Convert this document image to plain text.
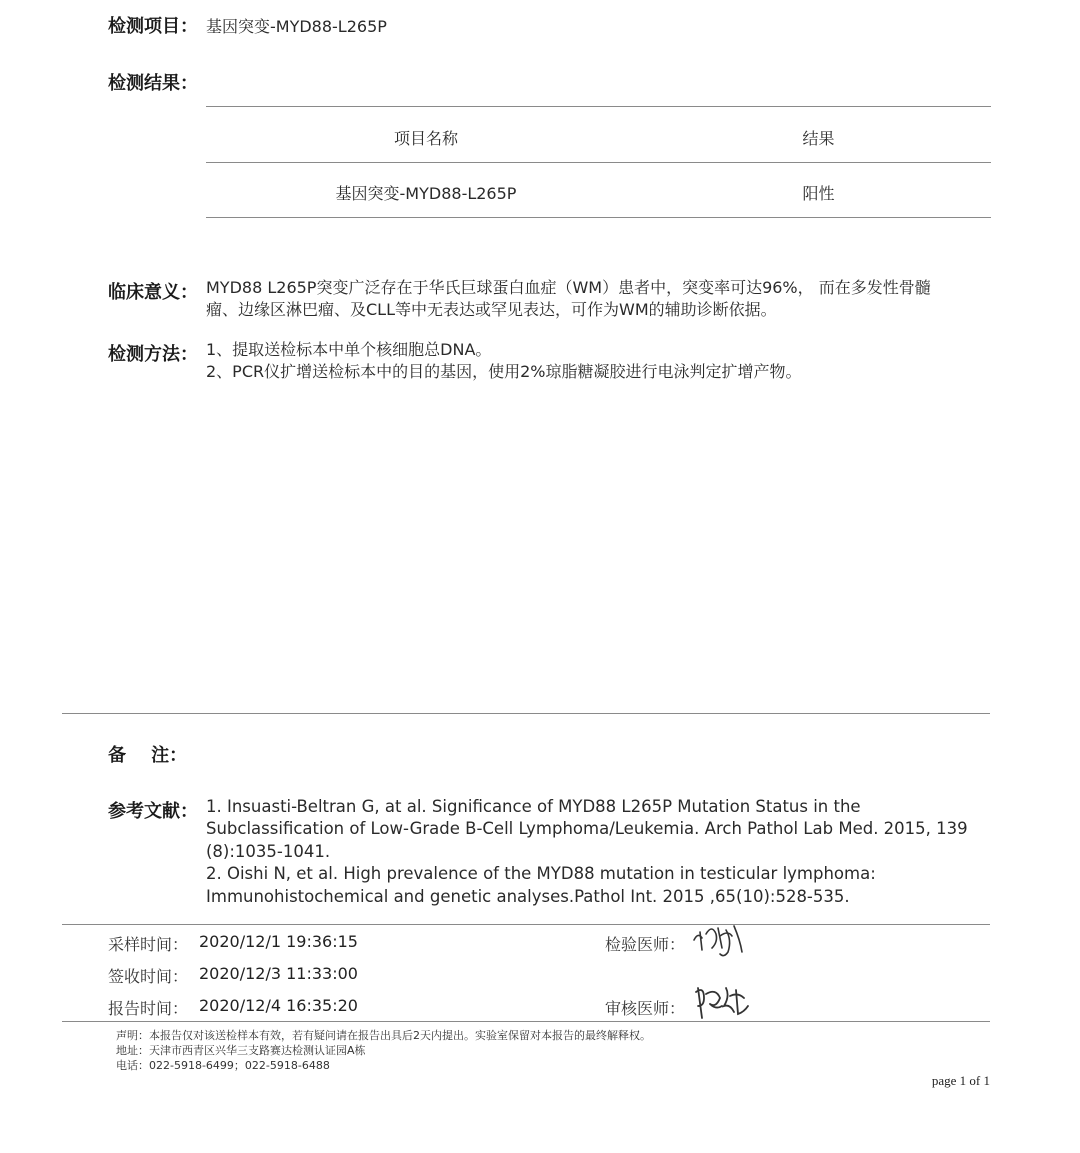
检测项目： 基因突变-MYD88-L265P
检测结果：
项目名称	结果
基因突变-MYD88-L265P	阳性
临床意义： MYD88 L265P突变广泛存在于华氏巨球蛋白血症（WM）患者中，突变率可达96%， 而在多发性骨髓
瘤、边缘区淋巴瘤、及CLL等中无表达或罕见表达，可作为WM的辅助诊断依据。
检测方法： 1、提取送检标本中单个核细胞总DNA。
2、PCR仪扩增送检标本中的目的基因，使用2%琼脂糖凝胶进行电泳判定扩增产物。
备    注：
参考文献： 1. Insuasti-Beltran G, at al. Significance of MYD88 L265P Mutation Status in the
Subclassification of Low-Grade B-Cell Lymphoma/Leukemia. Arch Pathol Lab Med. 2015, 139
(8):1035-1041.
2. Oishi N, et al. High prevalence of the MYD88 mutation in testicular lymphoma:
Immunohistochemical and genetic analyses.Pathol Int. 2015 ,65(10):528-535.
采样时间： 2020/12/1 19:36:15
签收时间： 2020/12/3 11:33:00
报告时间： 2020/12/4 16:35:20
检验医师：
审核医师：
声明：本报告仅对该送检样本有效，若有疑问请在报告出具后2天内提出。实验室保留对本报告的最终解释权。
地址：天津市西青区兴华三支路赛达检测认证园A栋
电话：022-5918-6499；022-5918-6488
page 1 of 1
